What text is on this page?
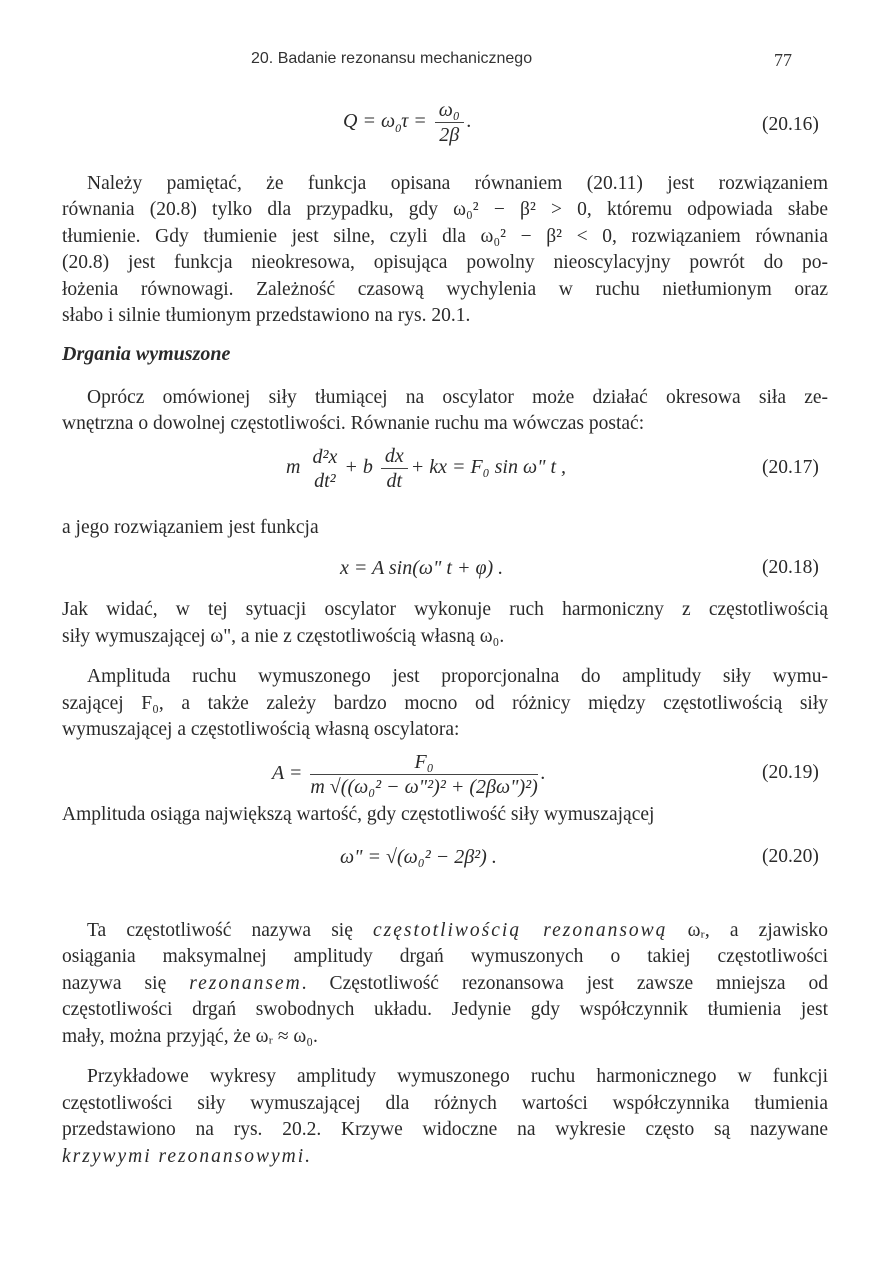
20. Badanie rezonansu mechanicznego	77
$Q = \omega_0\tau = \frac{\text{ω₀}}{2\beta}$ .	(20.16)
Należy pamiętać, że funkcja opisana równaniem (20.11) jest rozwiązaniem
równania (20.8) tylko dla przypadku, gdy ω₀² − β² > 0, któremu odpowiada słabe
tłumienie. Gdy tłumienie jest silne, czyli dla ω₀² − β² < 0, rozwiązaniem równania
(20.8) jest funkcja nieokresowa, opisująca powolny nieoscylacyjny powrót do po-
łożenia równowagi. Zależność czasową wychylenia w ruchu nietłumionym oraz
słabo i silnie tłumionym przedstawiono na rys. 20.1.
Drgania wymuszone
Oprócz omówionej siły tłumiącej na oscylator może działać okresowa siła ze-
wnętrzna o dowolnej częstotliwości. Równanie ruchu ma wówczas postać:
m d²x
dt²
+ b $\frac{dx}{dt}$ + kx = F₀ sin ω" t ,	(20.17)
a jego rozwiązaniem jest funkcja
x = A sin(ω" t + φ) .	(20.18)
Jak widać, w tej sytuacji oscylator wykonuje ruch harmoniczny z częstotliwością
siły wymuszającej ω", a nie z częstotliwością własną ω₀.
Amplituda ruchu wymuszonego jest proporcjonalna do amplitudy siły wymu-
szającej F₀, a także zależy bardzo mocno od różnicy między częstotliwością siły
wymuszającej a częstotliwością własną oscylatora:
$A = \frac{\text{F₀}}{\text{m √((ω₀² − ω"²)² + (2βω")²)}}$ .	(20.19)
Amplituda osiąga największą wartość, gdy częstotliwość siły wymuszającej
ω" = √(ω₀² − 2β²) .	(20.20)
Ta częstotliwość nazywa się częstotliwością rezonansową ωᵣ, a zjawisko
osiągania maksymalnej amplitudy drgań wymuszonych o takiej częstotliwości
nazywa się rezonansem. Częstotliwość rezonansowa jest zawsze mniejsza od
częstotliwości drgań swobodnych układu. Jedynie gdy współczynnik tłumienia jest
mały, można przyjąć, że ωᵣ ≈ ω₀.
Przykładowe wykresy amplitudy wymuszonego ruchu harmonicznego w funkcji
częstotliwości siły wymuszającej dla różnych wartości współczynnika tłumienia
przedstawiono na rys. 20.2. Krzywe widoczne na wykresie często są nazywane
krzywymi rezonansowymi.
